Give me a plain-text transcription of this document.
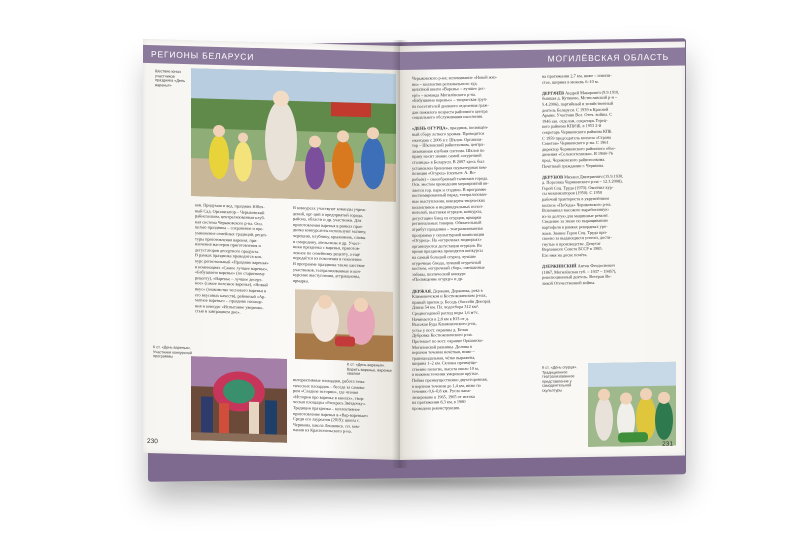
РЕГИОНЫ БЕЛАРУСИ
Шествие юных участников праздника «День варенья»
ков. Придуман и вед. праздник Юбоч-
ный Сад. Организатор – Черыковский
райисполком, централизованная клуб-
ная система Черыковского р-на. Осн.
целью праздника – сохранение и пре-
умножение семейных традиций, рецеп-
туры приготовления варенья, при-
влечения мастеров приготовления и
дегустаторов десертного продукта.
В рамках праздника проводится кон-
курс региональный «Праздник варенья»
в номинациях «Самое лучшее варенье»,
«Бабушкино варенье» (по старинному
рецепту), «Варенье – лучшее десерт-
ное» (самое полезное варенье), «Новый
вкус» (знакомство чеснокого варенья и
его вкусовых качеств), районный «Ар-
матное варенье» – праздник насыще-
ния и конкурс «Испытание уверенно-
стью в завтрашнем дне».
В конкурсах участвуют команды учреж-
дений, орг-ций и предприятий города,
района, области и др. участники. Для
приготовления варенья в рамках праз-
дника конкурсанты используют малину,
черешню, клубнику, крыжовник, сливы
и смородину, апельсины и др. Участ-
ники праздника с варенья, приготов-
ленное по семейному рецепту, а ещё
передаётся из поколения в поколение.
В программе праздника также шествие
участников, театрализованные и кон-
курсные выступления, аттракционы,
ярмарка.
К ст. «День варенья». Варить варенье, варенье хвалим
К ст. «День варенья». Участники конкурсной программы
интерактивные площадки, работа тема-
тических площадок – беседа за самова-
ром «Сладкие истории», где чтения
«Истории про варенье в книгах», твор-
ческая площадка «Раскрась Звёздочку».
Традиции праздника – коллективное
приготовление варенья в «Вар-вареньке»
Среди его лауреатов (2019): школа г.
Черикова, школа Лешнянск. пл. ком-
пании из Краснопольского р-на.
230
МОГИЛЁВСКАЯ ОБЛАСТЬ
Черыковского р-на; вспоминание «Новой жиз-
ни» – коллектив регионального худ.
цитатной книги «Варенье – лучшее дес-
ерт» – команда Могилёвского р-на.
«Бабушкино варенье» – творческая груп-
па посетителей дневного отделения граж-
дан пожилого возраста районного центра
социального обслуживания населения.

«ДЕНЬ ОГУРЦА», праздник, посвящён-
ный сбору летнего урожая. Проводится
ежегодно с 2006 в г. Шклов. Организа-
тор – Шкловский райисполком, центра-
лизованная клубная система. Шклов по
праву носит звание самой «огуречной
столицы» в Беларуси. В 2007 здесь был
установлен бронзовая скульптурная ком-
позиция «Огурец» (скульпт. А. Во-
робьёв) – своеобразный талисман города.
Осн. местом проведения мероприятий яв-
ляется гор. парк и стадион. В программе
костюмированный парад, театрализован-
ные выступления, концерты творческих
коллективов и индивидуальных испол-
нителей, выставки огурцов, конкурсы,
дегустации блюд из огурцов, ярмарки
региональных товаров. Обязательный
атрибут праздника – театрализованная
программа у скульптурной композиции
«Огурец». На «огуречных подворьях»
организуются дегустации огурцов. Во
время праздника проводятся конкурсы
на самый большой огурец, лучшие
огуречные блюда, лучший огуречный
костюм, «огуречный сбор», смешанные
забавы, поэтический конкурс
«Посвящение огурцу» и др.

ДЕРЖАЯ, Держаня, Держанка, река в
Климовичском и Костюковичском р-нах,
правый приток р. Беседь (бассейн Днепра).
Длина 54 км. Пл. водосбора 312 км².
Среднегодовой расход воды 1,6 м³/с.
Начинается в 2,8 км к ЮЗ от д.
Высокая Буда Климовичского р-на,
устье у пост. окраины д. Белая
Дубровка Костюковичского р-на.
Протекает по вост. окраине Оршанско-
Могилевской равнины. Долина в
верхнем течении нечёткая, ниже –
трапецеидальная, чётко выражена,
ширина 1–2 км. Склоны преимуще-
ственно пологие, высота около 10 м,
в нижнем течении умеренно крутые.
Пойма преимущественно двухсторонняя,
в верхнем течении до 1,4 км, ниже по
течению 0,6–0,8 км. Русло кана-
лизировано в 1965, 1965 от истока
на протяжении 8,3 км, в 1980
проведена реконструкция.
на протяжении 2,7 км, ниже – извили-
стое, ширина в межень 6–10 м.

ДЕРГАЧЁВ Андрей Макарович (9.9.1910,
бывшая д. Кутяково, Мстиславский р-н –
5.4.2006), партийный и хозяйственный
деятель Беларуси. С 1939 в Красной
Армии. Участник Вел. Отеч. войны. С
1946 зав. отделом, секретарь Горец-
кого райкома КП(б)Б, в 1953 2-й
секретарь Чериковского райкома КПБ.
С 1959 председатель колхоза «Страна
Советов» Чериковского р-на. С 1961
директор Чериковского районного объе-
динения «Сельхозтехника». В 1968–76
пред. Чериковского райисполкома.
Почётный гражданин г. Черикова.

ДЕРУНОВ Михаил Дмитриевич (15.9.1930,
д. Порсовка Чериковского р-на – 12.3.2008),
Герой Соц. Труда (1970). Окончил кур-
сы механизаторов (1950). С 1950
рабочий тракториста в укрупнённом
колхозе «Победы» Чериковского р-на.
Вспоминал высокого выработанную
из-за долгую для машинные ремонт.
Сведение за звено по выращиванию
картофеля в рамках рекордных уро-
жаев. Звание Героя Соц. Труда при-
своено за выдающиеся успехи, дости-
гнутые в производстве. Депутат
Верховного Совета БССР в 1985.
Его имя на доске почёта.

ДЗЕРЖИНСКИЙ Антон Феодосиевич
(1867, Могилёвская губ. – 1937 – 1945?),
революционный деятель. Ветеран Ве-
ликой Отечественной войны.
К ст. «День огурца». Традиционное театрализованное представление у самодеятельной скульптуры
231
